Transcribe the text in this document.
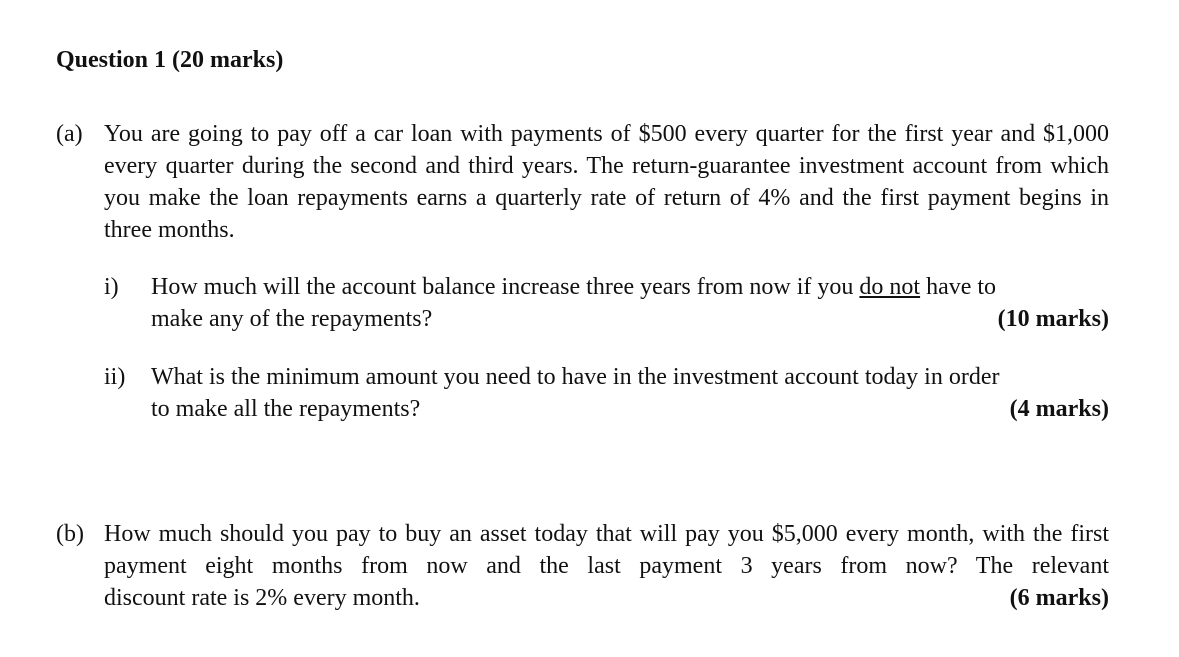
Question 1 (20 marks)
(a) You are going to pay off a car loan with payments of $500 every quarter for the first year and $1,000 every quarter during the second and third years. The return-guarantee investment account from which you make the loan repayments earns a quarterly rate of return of 4% and the first payment begins in three months.
i) How much will the account balance increase three years from now if you do not have to
make any of the repayments?	(10 marks)
ii) What is the minimum amount you need to have in the investment account today in order
to make all the repayments?	(4 marks)
(b) How much should you pay to buy an asset today that will pay you $5,000 every month, with the first payment eight months from now and the last payment 3 years from now? The relevant
discount rate is 2% every month.	(6 marks)
